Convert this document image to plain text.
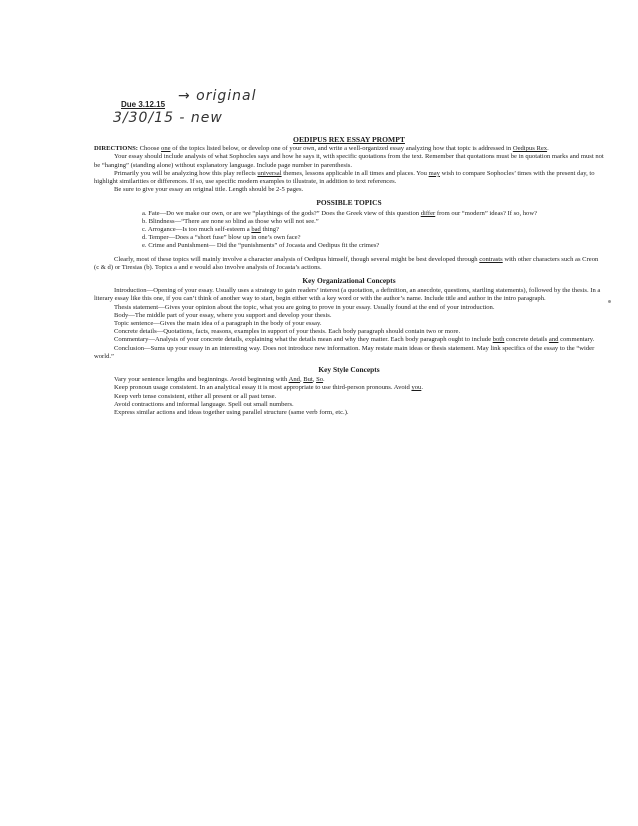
→ original
Due 3.12.15
3/30/15 - new

OEDIPUS REX ESSAY PROMPT

DIRECTIONS: Choose one of the topics listed below, or develop one of your own, and write a well-organized essay analyzing how that topic is addressed in Oedipus Rex.

Your essay should include analysis of what Sophocles says and how he says it, with specific quotations from the text. Remember that quotations must be in quotation marks and must not be “hanging” (standing alone) without explanatory language. Include page number in parenthesis.

Primarily you will be analyzing how this play reflects universal themes, lessons applicable in all times and places. You may wish to compare Sophocles’ times with the present day, to highlight similarities or differences. If so, use specific modern examples to illustrate, in addition to text references.

Be sure to give your essay an original title. Length should be 2-5 pages.

POSSIBLE TOPICS

a. Fate—Do we make our own, or are we “playthings of the gods?” Does the Greek view of this question differ from our “modern” ideas? If so, how?

b. Blindness—“There are none so blind as those who will not see.”

c. Arrogance—Is too much self-esteem a bad thing?

d. Temper—Does a “short fuse” blow up in one’s own face?

e. Crime and Punishment— Did the “punishments” of Jocasta and Oedipus fit the crimes?

Clearly, most of these topics will mainly involve a character analysis of Oedipus himself, though several might be best developed through contrasts with other characters such as Creon (c & d) or Tiresias (b). Topics a and e would also involve analysis of Jocasta’s actions.

Key Organizational Concepts

Introduction—Opening of your essay. Usually uses a strategy to gain readers’ interest (a quotation, a definition, an anecdote, questions, startling statements), followed by the thesis. In a literary essay like this one, if you can’t think of another way to start, begin either with a key word or with the author’s name. Include title and author in the intro paragraph.

Thesis statement—Gives your opinion about the topic, what you are going to prove in your essay. Usually found at the end of your introduction.

Body—The middle part of your essay, where you support and develop your thesis.

Topic sentence—Gives the main idea of a paragraph in the body of your essay.

Concrete details—Quotations, facts, reasons, examples in support of your thesis. Each body paragraph should contain two or more.

Commentary—Analysis of your concrete details, explaining what the details mean and why they matter. Each body paragraph ought to include both concrete details and commentary.

Conclusion—Sums up your essay in an interesting way. Does not introduce new information. May restate main ideas or thesis statement. May link specifics of the essay to the “wider world.”

Key Style Concepts

Vary your sentence lengths and beginnings. Avoid beginning with And, But, So.

Keep pronoun usage consistent. In an analytical essay it is most appropriate to use third-person pronouns. Avoid you.

Keep verb tense consistent, either all present or all past tense.

Avoid contractions and informal language. Spell out small numbers.

Express similar actions and ideas together using parallel structure (same verb form, etc.).
